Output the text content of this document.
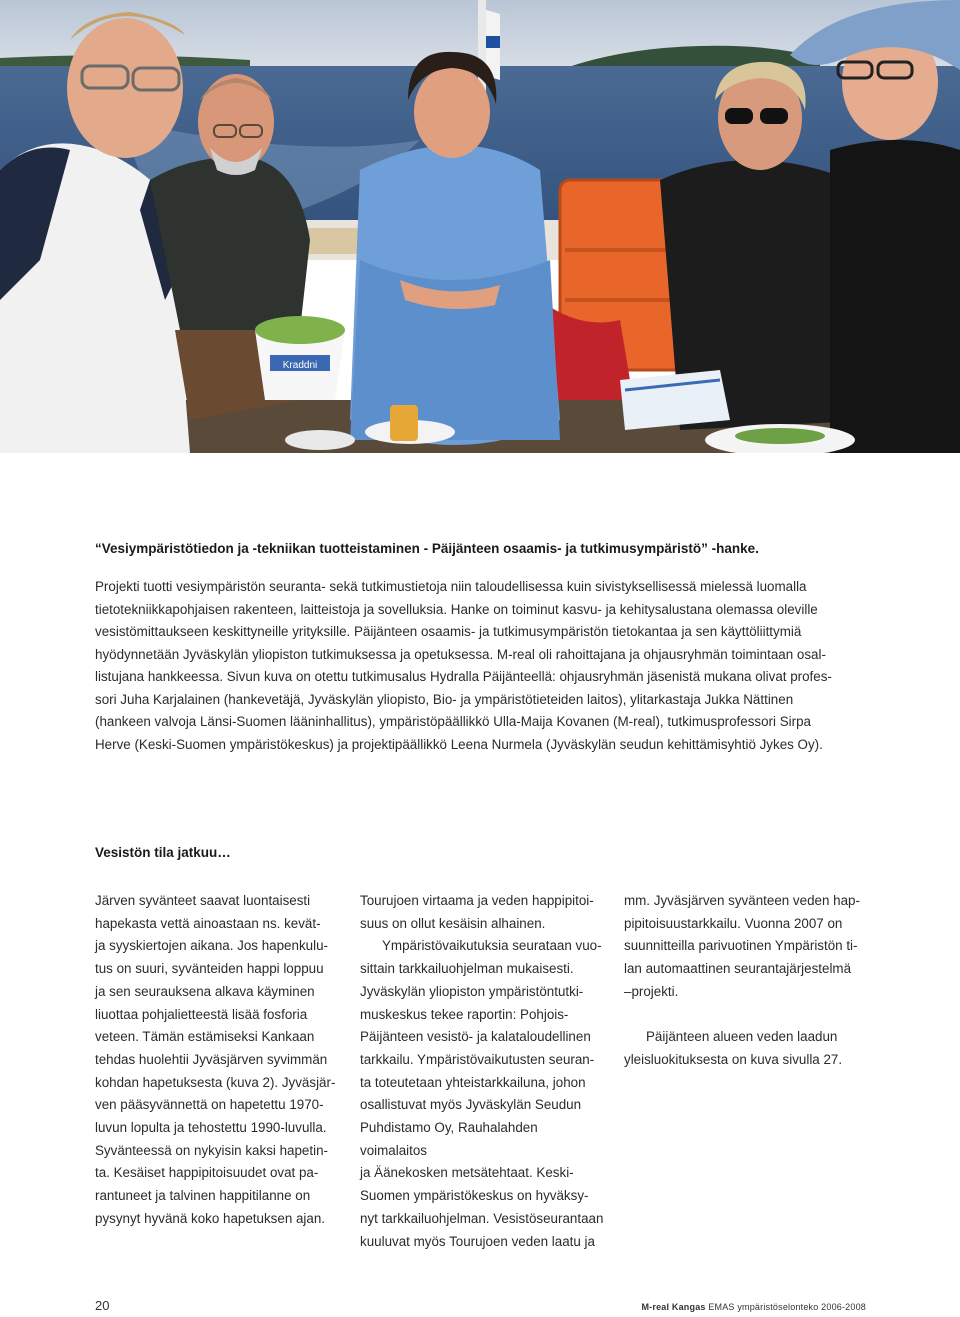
Kraddni

“Vesiympäristötiedon ja -tekniikan tuotteistaminen - Päijänteen osaamis- ja tutkimusympäristö” -hanke.

Projekti tuotti vesiympäristön seuranta- sekä tutkimustietoja niin taloudellisessa kuin sivistyksellisessä mielessä luomalla
tietotekniikkapohjaisen rakenteen, laitteistoja ja sovelluksia. Hanke on toiminut kasvu- ja kehitysalustana olemassa oleville
vesistömittaukseen keskittyneille yrityksille. Päijänteen osaamis- ja tutkimusympäristön tietokantaa ja sen käyttöliittymiä
hyödynnetään Jyväskylän yliopiston tutkimuksessa ja opetuksessa. M-real oli rahoittajana ja ohjausryhmän toimintaan osal-
listujana hankkeessa. Sivun kuva on otettu tutkimusalus Hydralla Päijänteellä: ohjausryhmän jäsenistä mukana olivat profes-
sori Juha Karjalainen (hankevetäjä, Jyväskylän yliopisto, Bio- ja ympäristötieteiden laitos), ylitarkastaja Jukka Nättinen
(hankeen valvoja Länsi-Suomen lääninhallitus), ympäristöpäällikkö Ulla-Maija Kovanen (M-real), tutkimusprofessori Sirpa
Herve (Keski-Suomen ympäristökeskus) ja projektipäällikkö Leena Nurmela (Jyväskylän seudun kehittämisyhtiö Jykes Oy).

Vesistön tila jatkuu…

Järven syvänteet saavat luontaisesti
hapekasta vettä ainoastaan ns. kevät-
ja syyskiertojen aikana. Jos hapenkulu-
tus on suuri, syvänteiden happi loppuu
ja sen seurauksena alkava käyminen
liuottaa pohjalietteestä lisää fosforia
veteen. Tämän estämiseksi Kankaan
tehdas huolehtii Jyväsjärven syvimmän
kohdan hapetuksesta (kuva 2). Jyväsjär-
ven pääsyvännettä on hapetettu 1970-
luvun lopulta ja tehostettu 1990-luvulla.
Syvänteessä on nykyisin kaksi hapetin-
ta. Kesäiset happipitoisuudet ovat pa-
rantuneet ja talvinen happitilanne on
pysynyt hyvänä koko hapetuksen ajan.

Tourujoen virtaama ja veden happipitoi-
suus on ollut kesäisin alhainen.

Ympäristövaikutuksia seurataan vuo-
sittain tarkkailuohjelman mukaisesti.
Jyväskylän yliopiston ympäristöntutki-
muskeskus tekee raportin: Pohjois-
Päijänteen vesistö- ja kalataloudellinen
tarkkailu. Ympäristövaikutusten seuran-
ta toteutetaan yhteistarkkailuna, johon
osallistuvat myös Jyväskylän Seudun
Puhdistamo Oy, Rauhalahden voimalaitos
ja Äänekosken metsätehtaat. Keski-
Suomen ympäristökeskus on hyväksy-
nyt tarkkailuohjelman. Vesistöseurantaan
kuuluvat myös Tourujoen veden laatu ja

mm. Jyväsjärven syvänteen veden hap-
pipitoisuustarkkailu. Vuonna 2007 on
suunnitteilla parivuotinen Ympäristön ti-
lan automaattinen seurantajärjestelmä
–projekti.

Päijänteen alueen veden laadun
yleisluokituksesta on kuva sivulla 27.

20	M-real Kangas EMAS ympäristöselonteko 2006-2008
